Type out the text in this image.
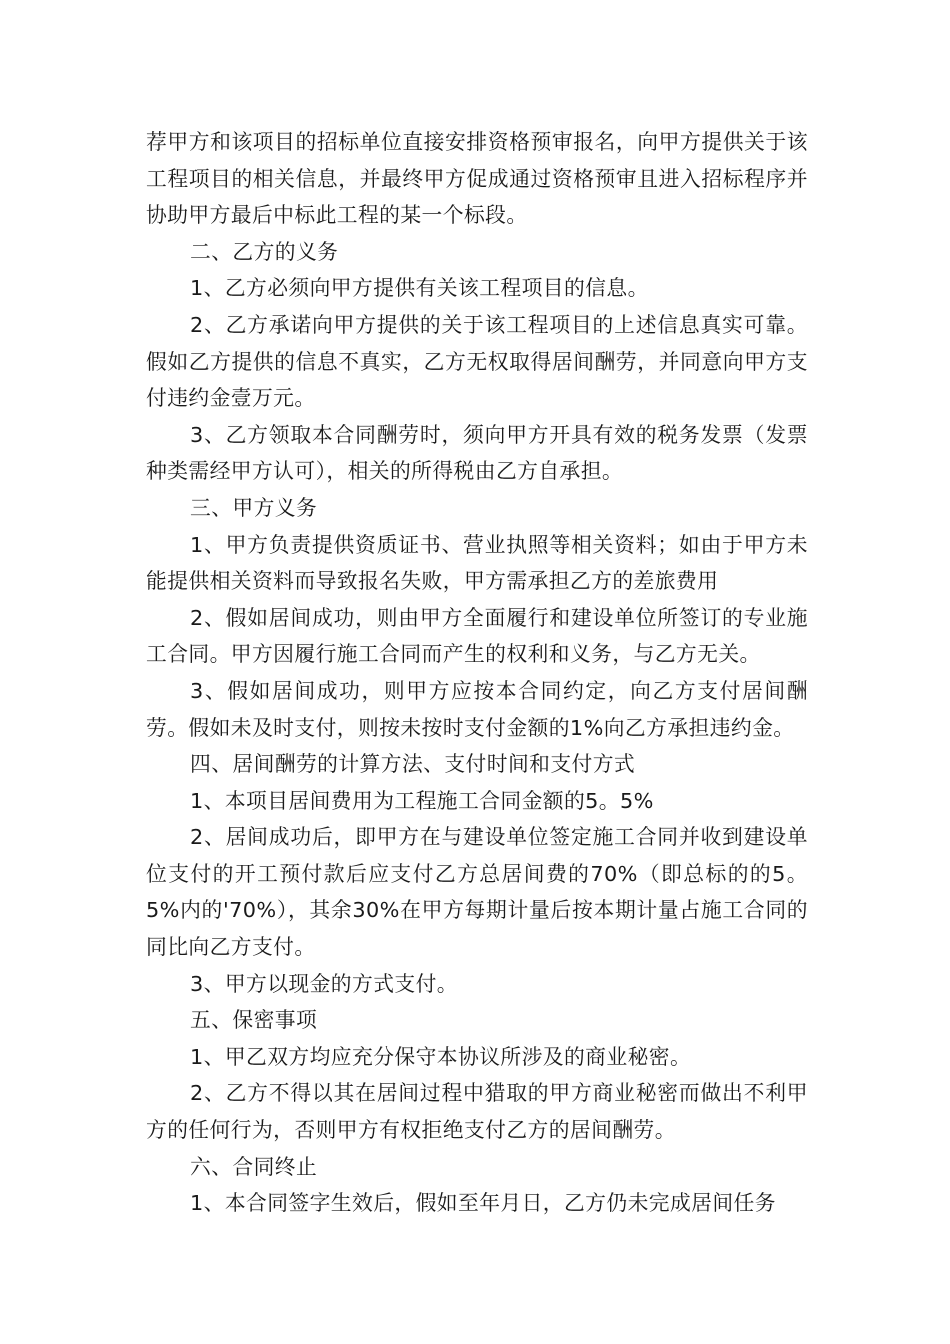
荐甲方和该项目的招标单位直接安排资格预审报名，向甲方提供关于该工程项目的相关信息，并最终甲方促成通过资格预审且进入招标程序并协助甲方最后中标此工程的某一个标段。

二、乙方的义务

1、乙方必须向甲方提供有关该工程项目的信息。

2、乙方承诺向甲方提供的关于该工程项目的上述信息真实可靠。假如乙方提供的信息不真实，乙方无权取得居间酬劳，并同意向甲方支付违约金壹万元。

3、乙方领取本合同酬劳时，须向甲方开具有效的税务发票（发票种类需经甲方认可），相关的所得税由乙方自承担。

三、甲方义务

1、甲方负责提供资质证书、营业执照等相关资料；如由于甲方未能提供相关资料而导致报名失败，甲方需承担乙方的差旅费用

2、假如居间成功，则由甲方全面履行和建设单位所签订的专业施工合同。甲方因履行施工合同而产生的权利和义务，与乙方无关。

3、假如居间成功，则甲方应按本合同约定，向乙方支付居间酬劳。假如未及时支付，则按未按时支付金额的1%向乙方承担违约金。

四、居间酬劳的计算方法、支付时间和支付方式

1、本项目居间费用为工程施工合同金额的5。5%

2、居间成功后，即甲方在与建设单位签定施工合同并收到建设单位支付的开工预付款后应支付乙方总居间费的70%（即总标的的5。5%内的'70%），其余30%在甲方每期计量后按本期计量占施工合同的同比向乙方支付。

3、甲方以现金的方式支付。

五、保密事项

1、甲乙双方均应充分保守本协议所涉及的商业秘密。

2、乙方不得以其在居间过程中猎取的甲方商业秘密而做出不利甲方的任何行为，否则甲方有权拒绝支付乙方的居间酬劳。

六、合同终止

1、本合同签字生效后，假如至年月日，乙方仍未完成居间任务
